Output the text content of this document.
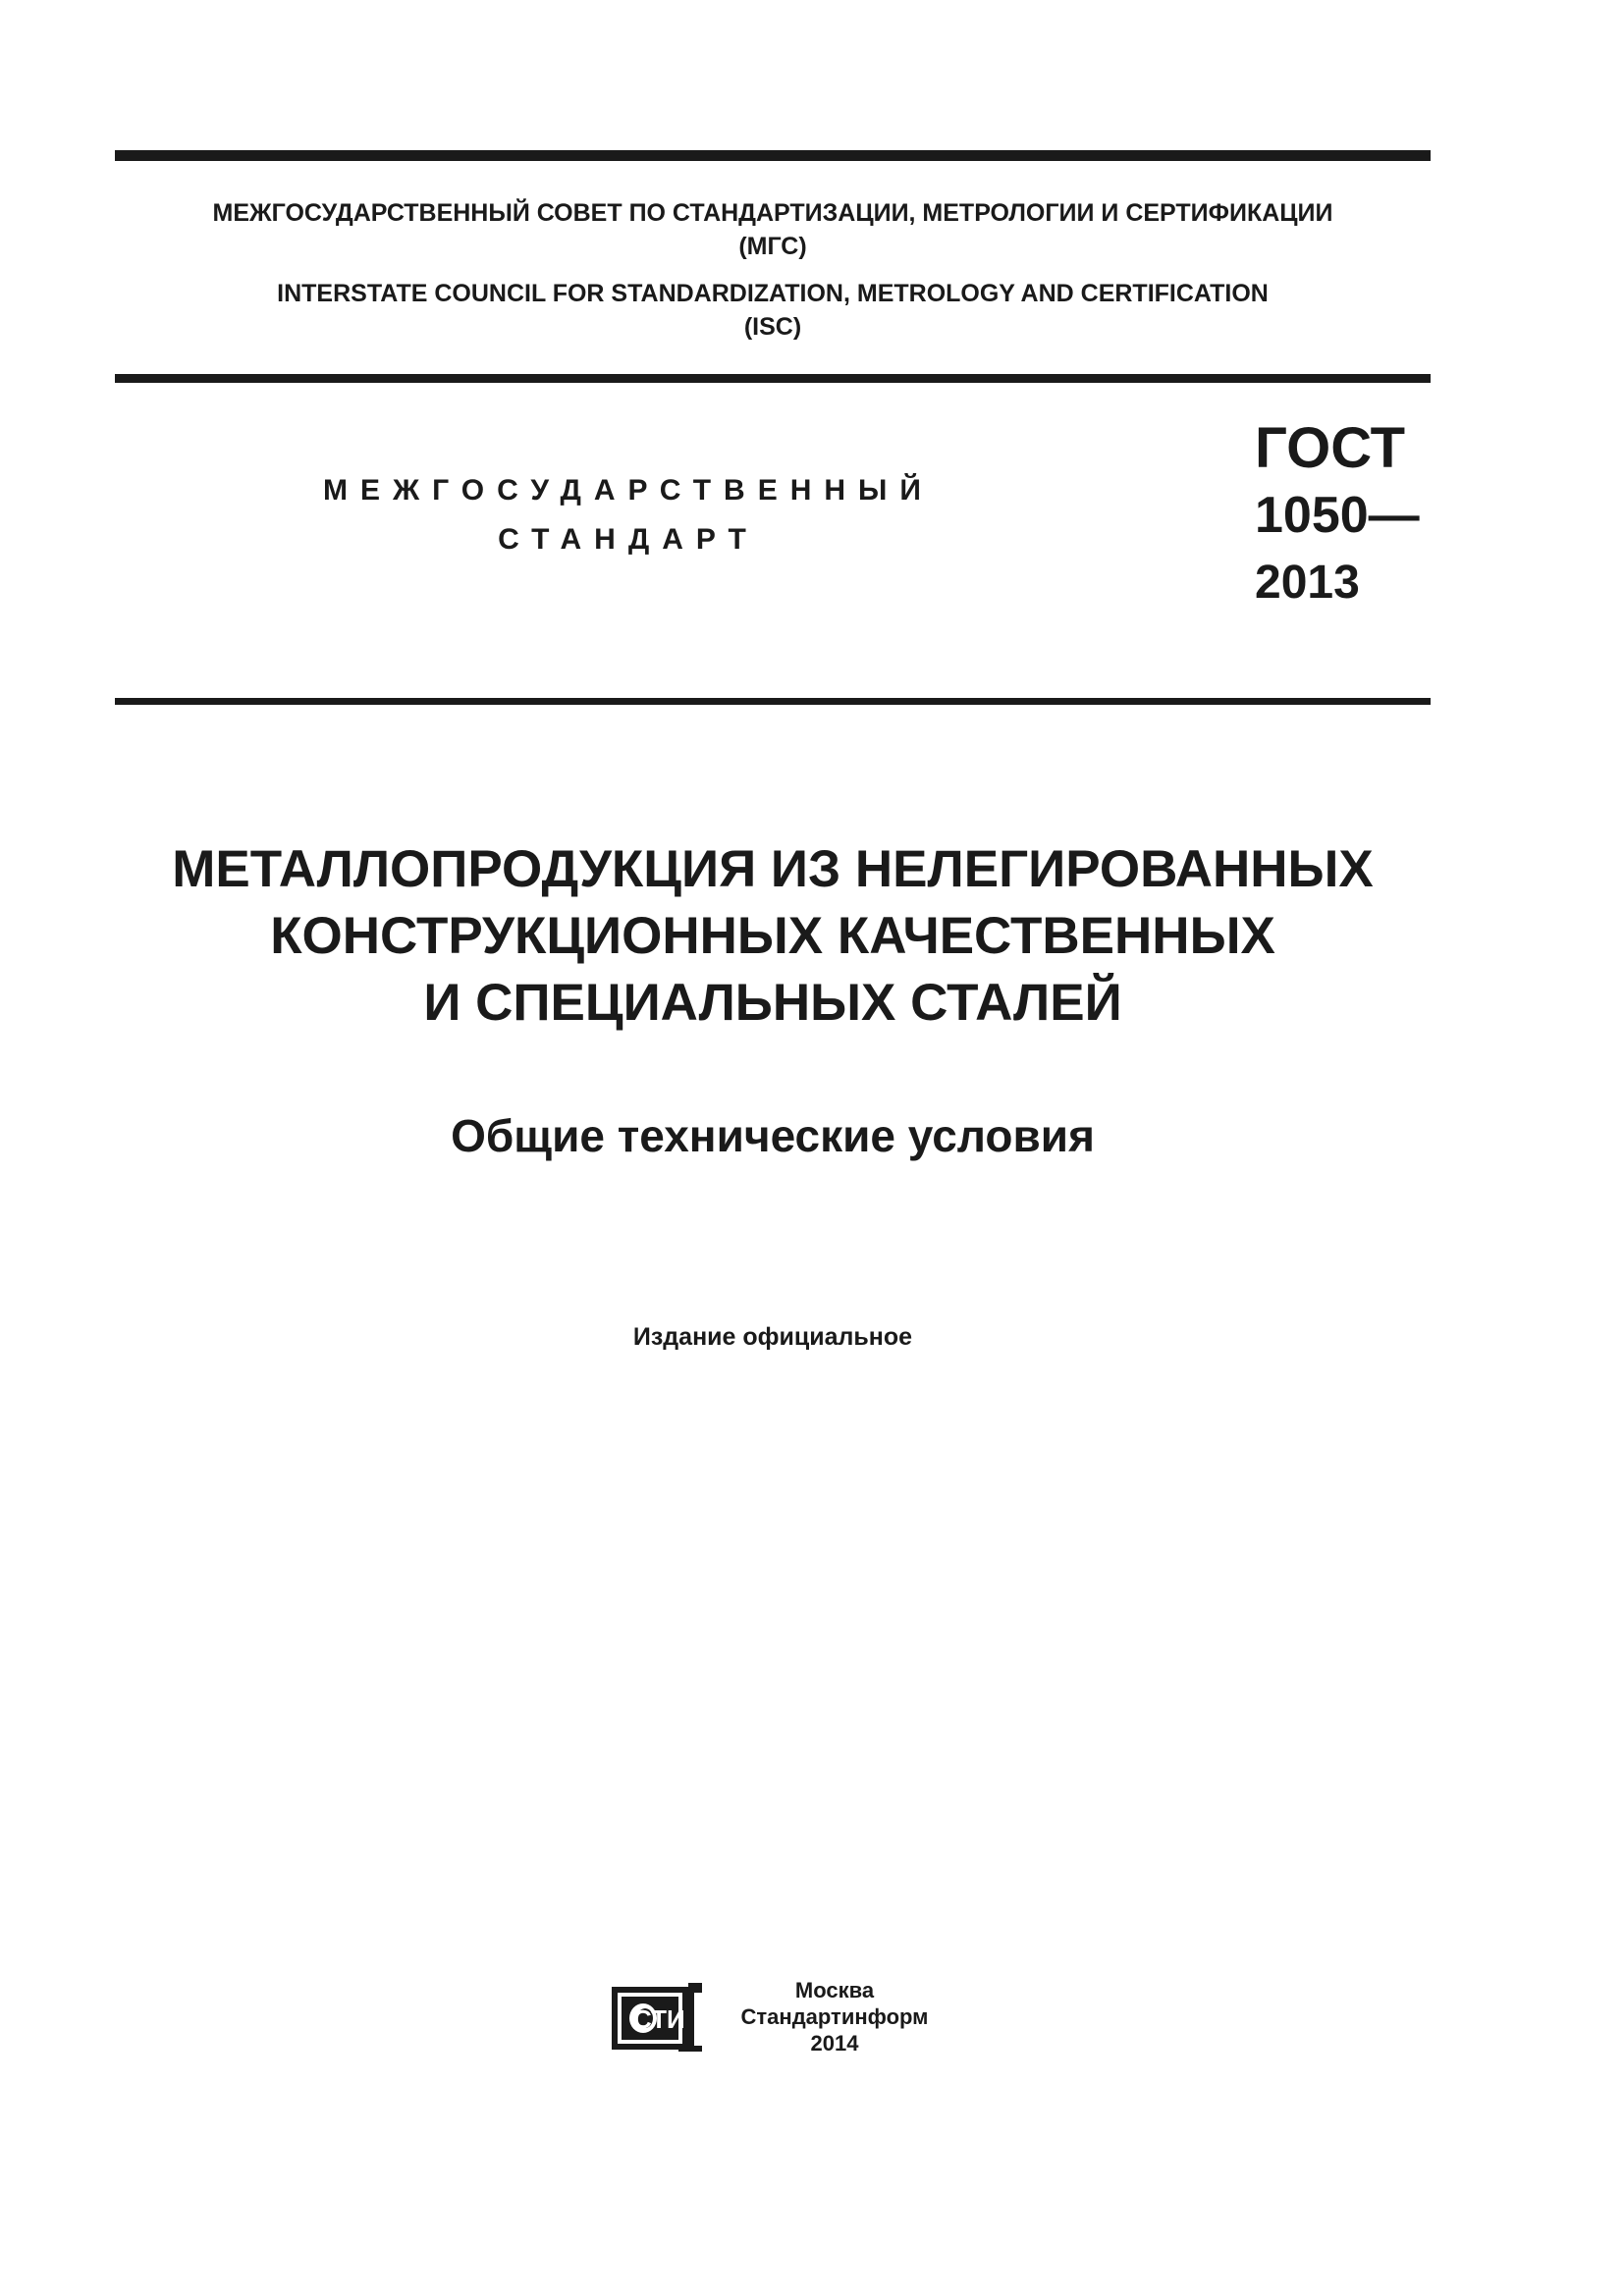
МЕЖГОСУДАРСТВЕННЫЙ СОВЕТ ПО СТАНДАРТИЗАЦИИ, МЕТРОЛОГИИ И СЕРТИФИКАЦИИ
(МГС)
INTERSTATE COUNCIL FOR STANDARDIZATION, METROLOGY AND CERTIFICATION
(ISC)
МЕЖГОСУДАРСТВЕННЫЙ
СТАНДАРТ
ГОСТ
1050—
2013
МЕТАЛЛОПРОДУКЦИЯ ИЗ НЕЛЕГИРОВАННЫХ
КОНСТРУКЦИОННЫХ КАЧЕСТВЕННЫХ
И СПЕЦИАЛЬНЫХ СТАЛЕЙ
Общие технические условия
Издание официальное
СТИ
Москва
Стандартинформ
2014
